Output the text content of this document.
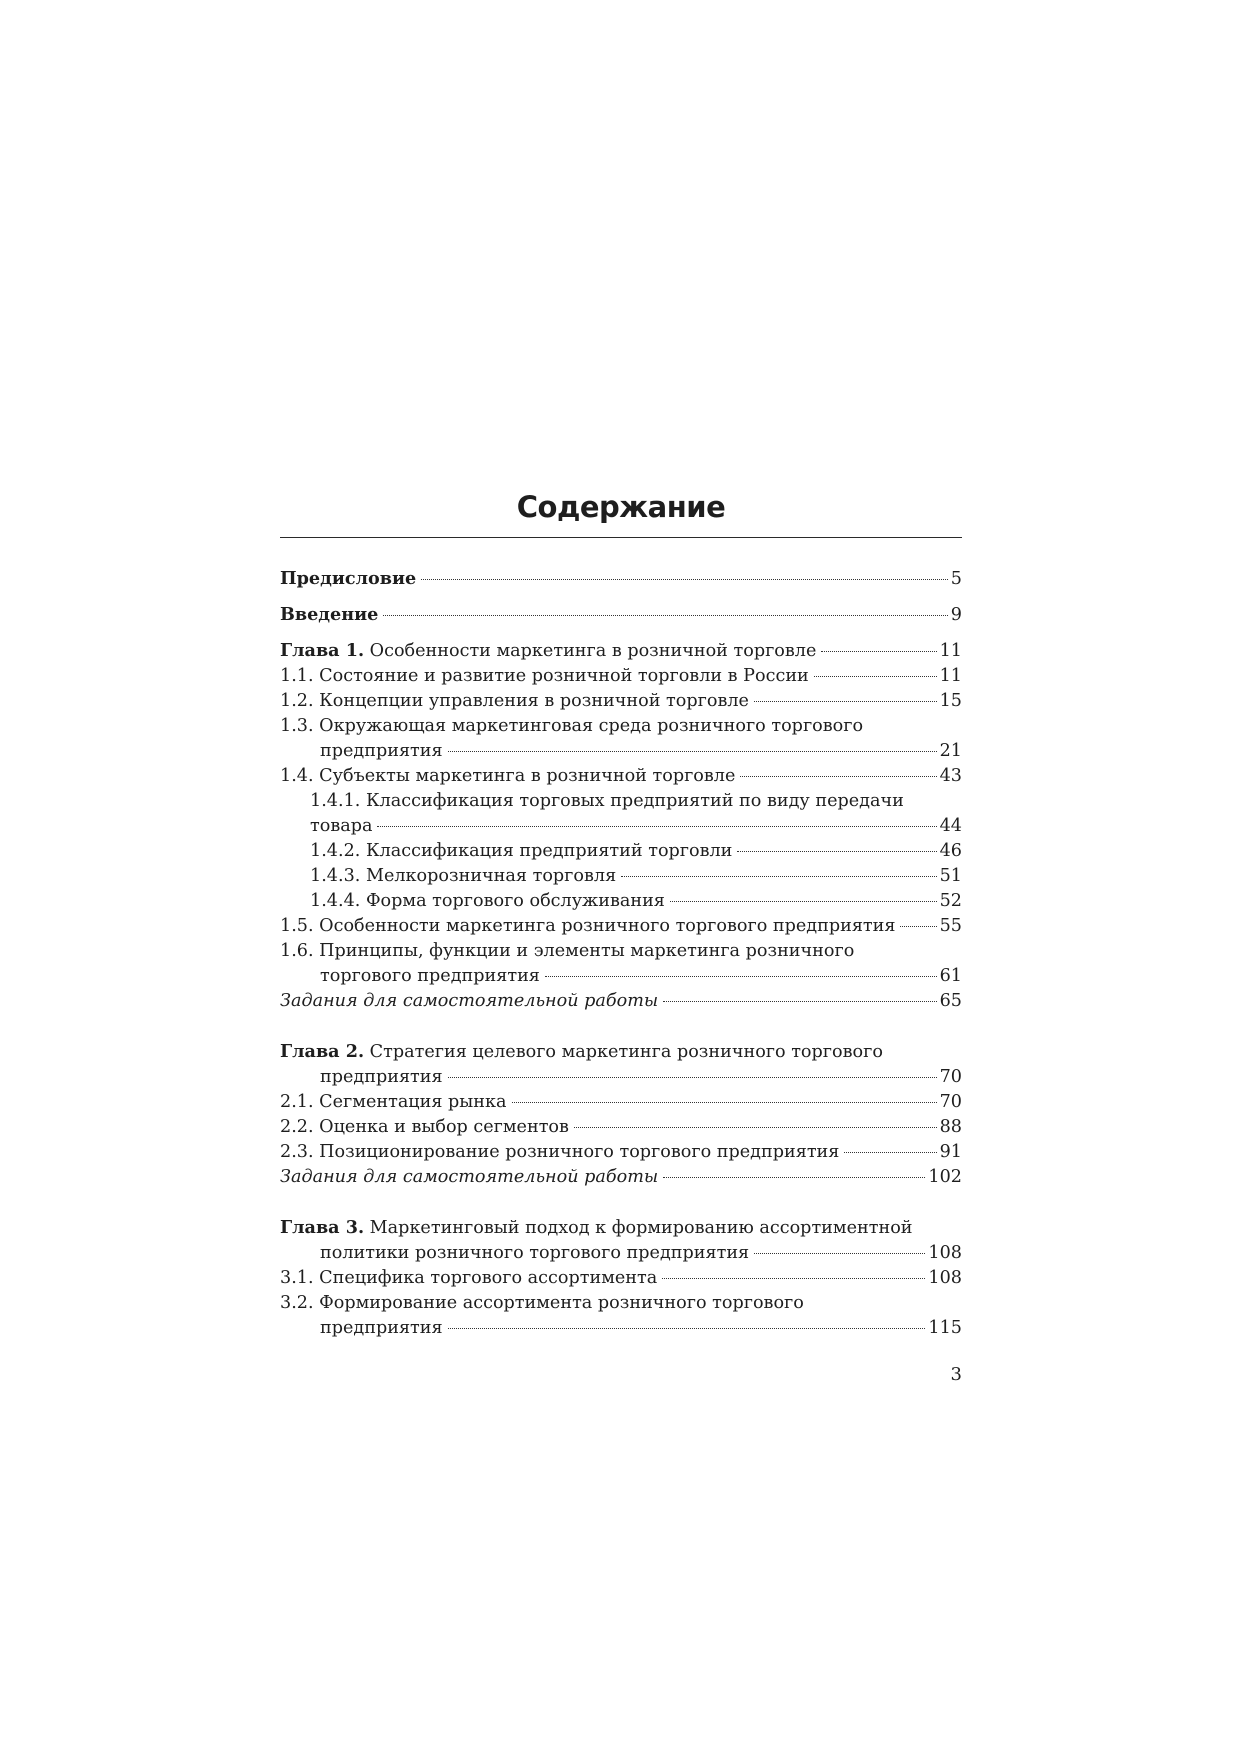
Содержание
Предисловие	5
Введение	9
Глава 1. Особенности маркетинга в розничной торговле	11
1.1. Состояние и развитие розничной торговли в России	11
1.2. Концепции управления в розничной торговле	15
1.3. Окружающая маркетинговая среда розничного торгового
предприятия	21
1.4. Субъекты маркетинга в розничной торговле	43
1.4.1. Классификация торговых предприятий по виду передачи
товара	44
1.4.2. Классификация предприятий торговли	46
1.4.3. Мелкорозничная торговля	51
1.4.4. Форма торгового обслуживания	52
1.5. Особенности маркетинга розничного торгового предприятия	55
1.6. Принципы, функции и элементы маркетинга розничного
торгового предприятия	61
Задания для самостоятельной работы	65
Глава 2. Стратегия целевого маркетинга розничного торгового
предприятия	70
2.1. Сегментация рынка	70
2.2. Оценка и выбор сегментов	88
2.3. Позиционирование розничного торгового предприятия	91
Задания для самостоятельной работы	102
Глава 3. Маркетинговый подход к формированию ассортиментной
политики розничного торгового предприятия	108
3.1. Специфика торгового ассортимента	108
3.2. Формирование ассортимента розничного торгового
предприятия	115
3
